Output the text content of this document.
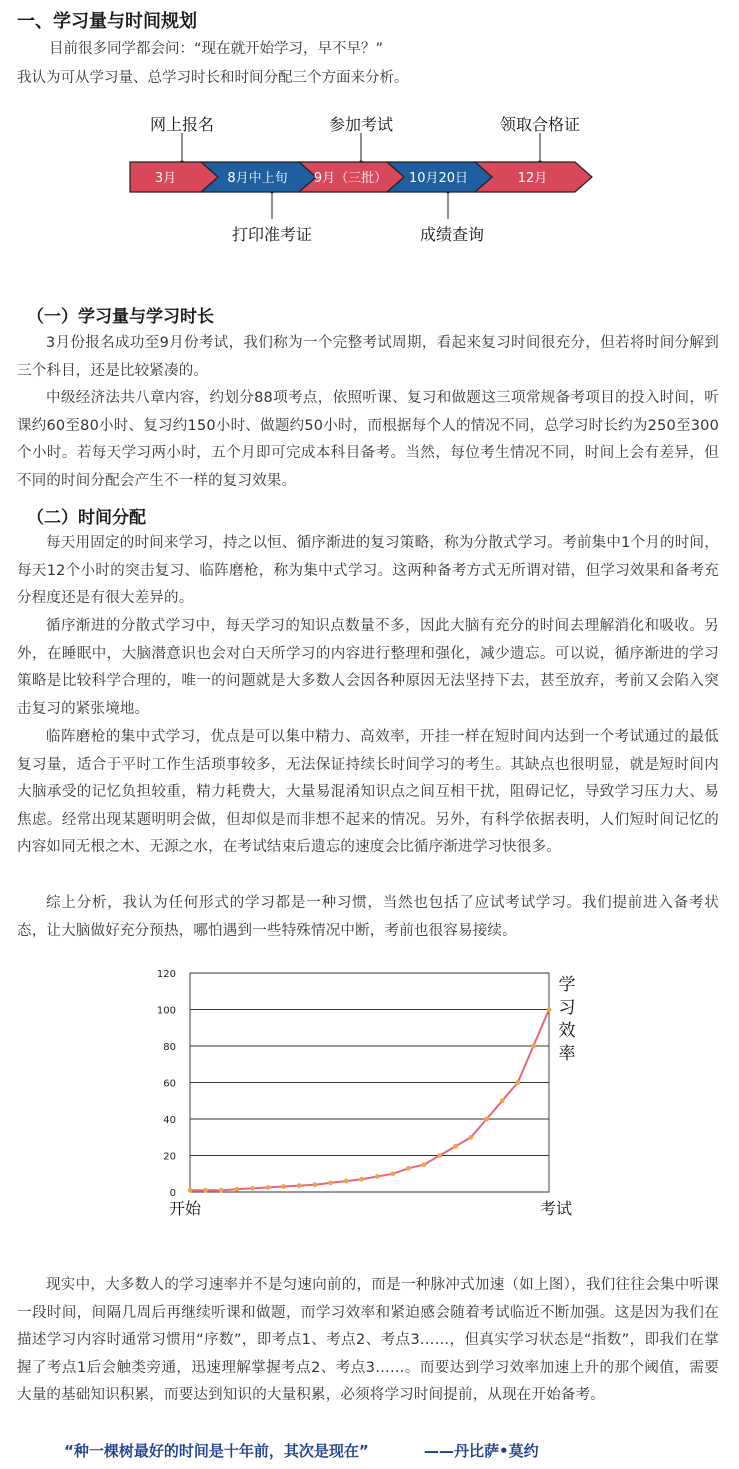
一、学习量与时间规划

目前很多同学都会问：“现在就开始学习，早不早？”

我认为可从学习量、总学习时长和时间分配三个方面来分析。

3月	8月中上旬 9月（三批） 10月20日	12月
网上报名	参加考试	领取合格证
打印准考证	成绩查询
（一）学习量与学习时长

3月份报名成功至9月份考试，我们称为一个完整考试周期，看起来复习时间很充分，但若将时间分解到三个科目，还是比较紧凑的。

中级经济法共八章内容，约划分88项考点，依照听课、复习和做题这三项常规备考项目的投入时间，听课约60至80小时、复习约150小时、做题约50小时，而根据每个人的情况不同，总学习时长约为250至300个小时。若每天学习两小时，五个月即可完成本科目备考。当然，每位考生情况不同，时间上会有差异，但不同的时间分配会产生不一样的复习效果。

（二）时间分配

每天用固定的时间来学习，持之以恒、循序渐进的复习策略，称为分散式学习。考前集中1个月的时间，每天12个小时的突击复习、临阵磨枪，称为集中式学习。这两种备考方式无所谓对错，但学习效果和备考充分程度还是有很大差异的。

循序渐进的分散式学习中，每天学习的知识点数量不多，因此大脑有充分的时间去理解消化和吸收。另外，在睡眠中，大脑潜意识也会对白天所学习的内容进行整理和强化，减少遗忘。可以说，循序渐进的学习策略是比较科学合理的，唯一的问题就是大多数人会因各种原因无法坚持下去，甚至放弃，考前又会陷入突击复习的紧张境地。

临阵磨枪的集中式学习，优点是可以集中精力、高效率，开挂一样在短时间内达到一个考试通过的最低复习量，适合于平时工作生活琐事较多，无法保证持续长时间学习的考生。其缺点也很明显，就是短时间内大脑承受的记忆负担较重，精力耗费大，大量易混淆知识点之间互相干扰，阻碍记忆，导致学习压力大、易焦虑。经常出现某题明明会做，但却似是而非想不起来的情况。另外，有科学依据表明，人们短时间记忆的内容如同无根之木、无源之水，在考试结束后遗忘的速度会比循序渐进学习快很多。

综上分析，我认为任何形式的学习都是一种习惯，当然也包括了应试考试学习。我们提前进入备考状态，让大脑做好充分预热，哪怕遇到一些特殊情况中断，考前也很容易接续。

0
20
40
60
80
100
120
开始	考试
学
习
效
率

现实中，大多数人的学习速率并不是匀速向前的，而是一种脉冲式加速（如上图），我们往往会集中听课一段时间，间隔几周后再继续听课和做题，而学习效率和紧迫感会随着考试临近不断加强。这是因为我们在描述学习内容时通常习惯用“序数”，即考点1、考点2、考点3……，但真实学习状态是“指数”，即我们在掌握了考点1后会触类旁通，迅速理解掌握考点2、考点3……。而要达到学习效率加速上升的那个阈值，需要大量的基础知识积累，而要达到知识的大量积累，必须将学习时间提前，从现在开始备考。

“种一棵树最好的时间是十年前，其次是现在”	——丹比萨•莫约
